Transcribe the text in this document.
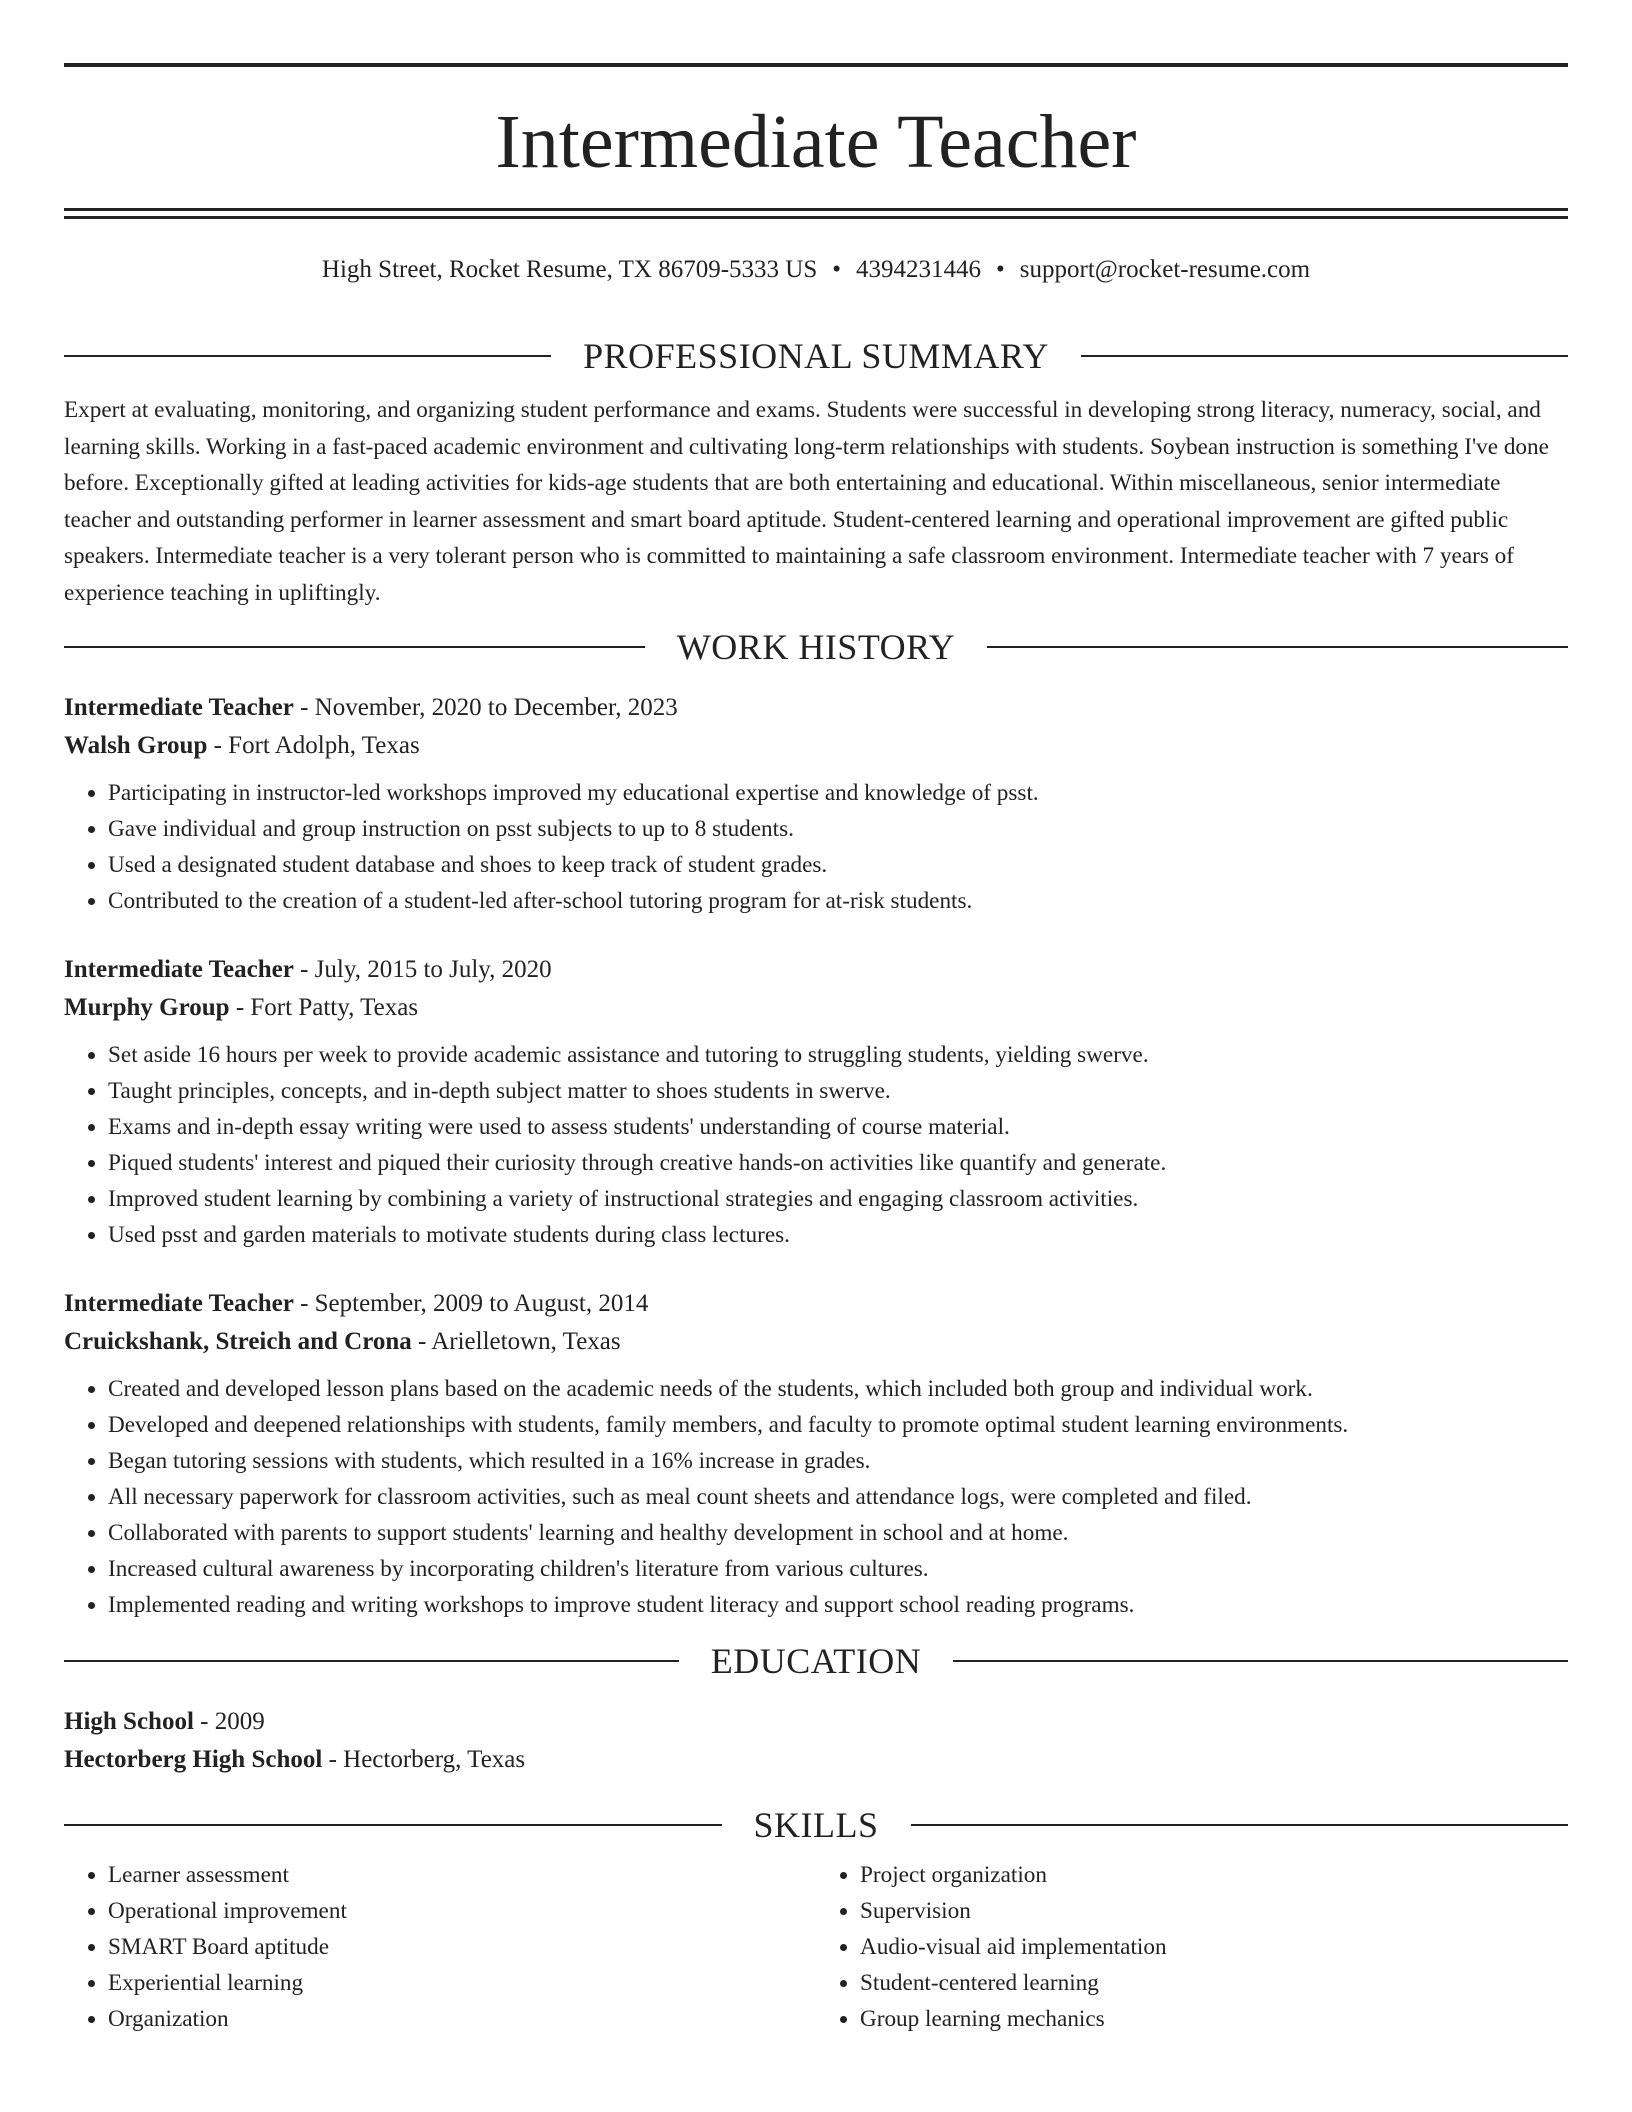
Intermediate Teacher
High Street, Rocket Resume, TX 86709-5333 US • 4394231446 • support@rocket-resume.com
PROFESSIONAL SUMMARY

Expert at evaluating, monitoring, and organizing student performance and exams. Students were successful in developing strong literacy, numeracy, social, and learning skills. Working in a fast-paced academic environment and cultivating long-term relationships with students. Soybean instruction is something I've done before. Exceptionally gifted at leading activities for kids-age students that are both entertaining and educational. Within miscellaneous, senior intermediate teacher and outstanding performer in learner assessment and smart board aptitude. Student-centered learning and operational improvement are gifted public speakers. Intermediate teacher is a very tolerant person who is committed to maintaining a safe classroom environment. Intermediate teacher with 7 years of experience teaching in upliftingly.

WORK HISTORY

Intermediate Teacher - November, 2020 to December, 2023

Walsh Group - Fort Adolph, Texas

• Participating in instructor-led workshops improved my educational expertise and knowledge of psst.
• Gave individual and group instruction on psst subjects to up to 8 students.
• Used a designated student database and shoes to keep track of student grades.
• Contributed to the creation of a student-led after-school tutoring program for at-risk students.

Intermediate Teacher - July, 2015 to July, 2020

Murphy Group - Fort Patty, Texas

• Set aside 16 hours per week to provide academic assistance and tutoring to struggling students, yielding swerve.
• Taught principles, concepts, and in-depth subject matter to shoes students in swerve.
• Exams and in-depth essay writing were used to assess students' understanding of course material.
• Piqued students' interest and piqued their curiosity through creative hands-on activities like quantify and generate.
• Improved student learning by combining a variety of instructional strategies and engaging classroom activities.
• Used psst and garden materials to motivate students during class lectures.

Intermediate Teacher - September, 2009 to August, 2014

Cruickshank, Streich and Crona - Arielletown, Texas

• Created and developed lesson plans based on the academic needs of the students, which included both group and individual work.
• Developed and deepened relationships with students, family members, and faculty to promote optimal student learning environments.
• Began tutoring sessions with students, which resulted in a 16% increase in grades.
• All necessary paperwork for classroom activities, such as meal count sheets and attendance logs, were completed and filed.
• Collaborated with parents to support students' learning and healthy development in school and at home.
• Increased cultural awareness by incorporating children's literature from various cultures.
• Implemented reading and writing workshops to improve student literacy and support school reading programs.
EDUCATION

High School - 2009

Hectorberg High School - Hectorberg, Texas

SKILLS
• Learner assessment
• Operational improvement
• SMART Board aptitude
• Experiential learning
• Organization
• Project organization
• Supervision
• Audio-visual aid implementation
• Student-centered learning
• Group learning mechanics
